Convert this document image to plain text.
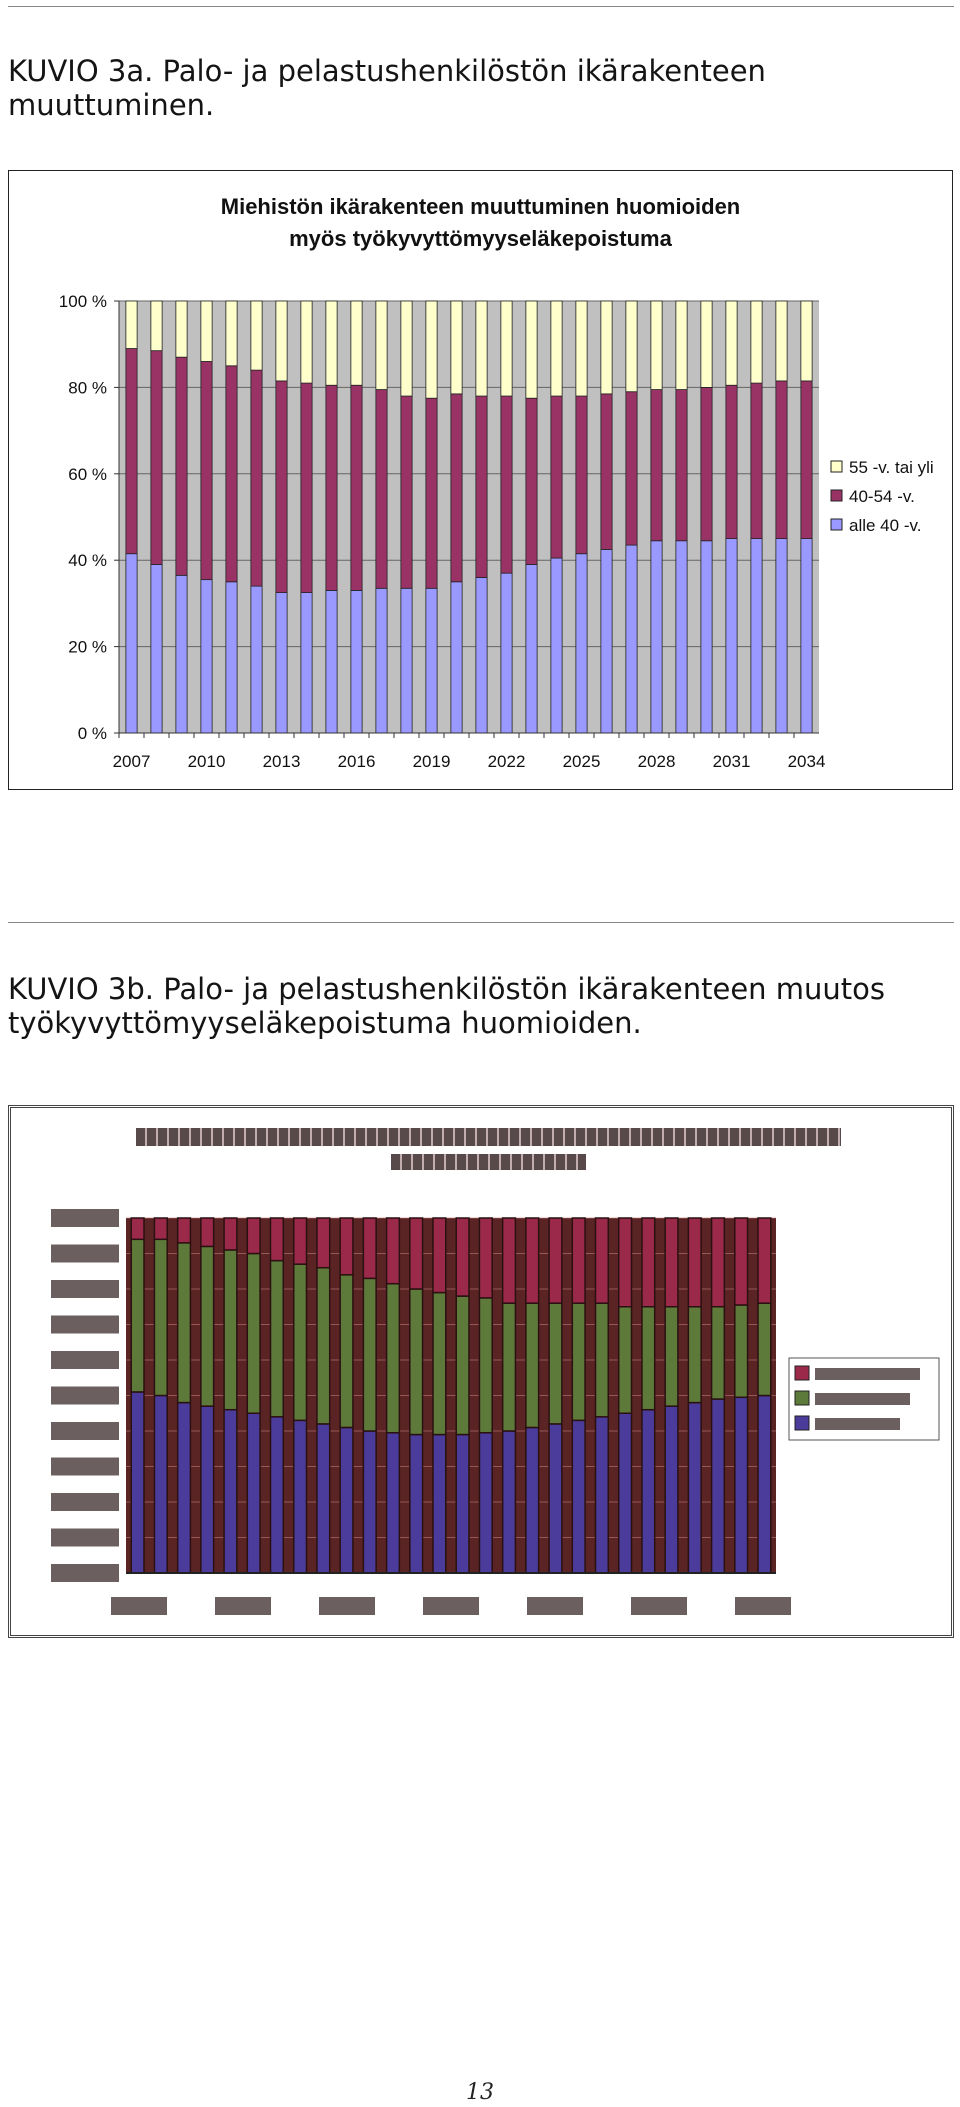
KUVIO 3a. Palo- ja pelastushenkilöstön ikärakenteen muuttuminen.
Miehistön ikärakenteen muuttuminen huomioiden myös työkyvyttömyyseläkepoistuma
0 %
20 %
40 %
60 %
80 %
100 %
2007 2010 2013 2016 2019 2022 2025 2028 2031 2034
55 -v. tai yli
40-54 -v.
alle 40 -v.
KUVIO 3b. Palo- ja pelastushenkilöstön ikärakenteen muutos työkyvyttömyyseläkepoistuma huomioiden.
13
